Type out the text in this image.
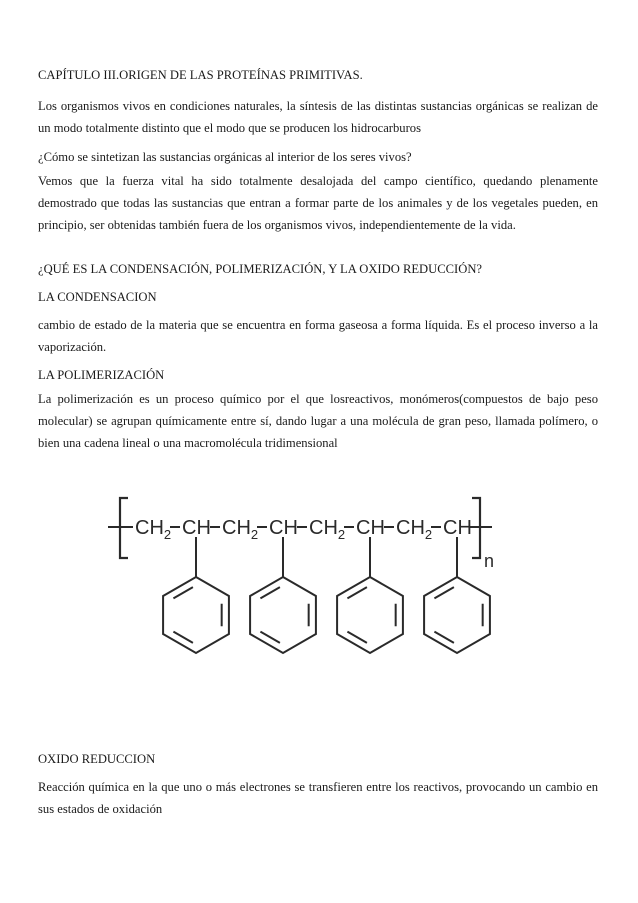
CAPÍTULO III.ORIGEN DE LAS PROTEÍNAS PRIMITIVAS.

Los organismos vivos en condiciones naturales, la síntesis de las distintas sustancias orgánicas se realizan de un modo totalmente distinto que el modo que se producen los hidrocarburos

¿Cómo se sintetizan las sustancias orgánicas al interior de los seres vivos?

Vemos que la fuerza vital ha sido totalmente desalojada del campo científico, quedando plenamente demostrado que todas las sustancias que entran a formar parte de los animales y de los vegetales pueden, en principio, ser obtenidas también fuera de los organismos vivos, independientemente de la vida.

¿QUÉ ES LA CONDENSACIÓN, POLIMERIZACIÓN, Y LA OXIDO REDUCCIÓN?

LA CONDENSACION

cambio de estado de la materia que se encuentra en forma gaseosa a forma líquida. Es el proceso inverso a la vaporización.

LA POLIMERIZACIÓN

La polimerización es un proceso químico por el que losreactivos, monómeros(compuestos de bajo peso molecular) se agrupan químicamente entre sí, dando lugar a una molécula de gran peso, llamada polímero, o bien una cadena lineal o una macromolécula tridimensional

$CH_2$ CH $CH_2$ CH $CH_2$ CH $CH_2$ CH
n

OXIDO REDUCCION

Reacción química en la que uno o más electrones se transfieren entre los reactivos, provocando un cambio en sus estados de oxidación
